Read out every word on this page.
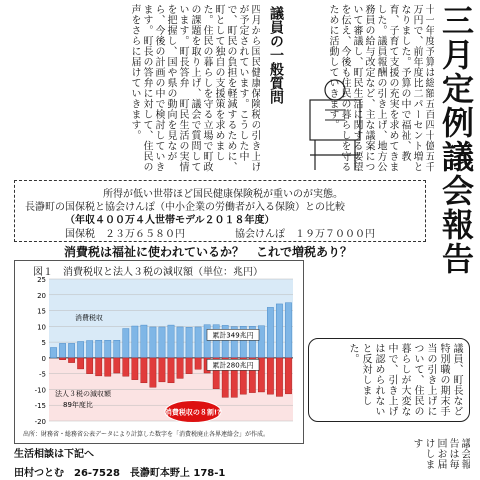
三月定例議会報告
十一年度予算は総額五百四十億五千万円で、前年度比二パーセント増となりました。予算の中で福祉、教育、子育て支援の充実を求めてきました。議員報酬の引き上げ、地方公務員の給与改定など、主な議案について審議し、町民生活に関する要望を伝え、今後も住民の暮らしを守るために活動していきます。
議員の一般質問
四月から国民健康保険税の引き上げが予定されています。こうした中で、町民の負担を軽減するために、町として独自の支援策を求めました。住民の暮らしを守る立場で町政の課題を取り上げ、議会で質問しています。町長答弁　町民生活の実情を把握し、国や県の動向を見ながら、今後の計画の中で検討していきます。町長の答弁に対して、住民の声をさらに届けていきます。
所得が低い世帯ほど国民健康保険税が重いのが実態。
長瀞町の国保税と協会けんぽ（中小企業の労働者が入る保険）との比較
（年収４００万４人世帯モデル２０１８年度）
国保税　２３万６５８０円	協会けんぽ　１９万７０００円
消費税は福祉に使われているか？　これで増税あり？
図１　消費税収と法人３税の減収額（単位：兆円）
25
20
15
10
5
0
-5
-10
-15
-20
消費税収
累計349兆円
累計280兆円
法人３税の減収額
89年度比
消費税収の８割!?
出所：財務省・総務省公表データにより計算した数字を「消費税廃止各界連絡会」が作成。
議員、町長など特別職の期末手当の引き上げについて、住民の暮らしが大変な中で、引き上げは認められないと反対しました。
生活相談は下記へ
田村つとむ　26-7528　長瀞町本野上 178-1
議会報告は毎回お届けします
